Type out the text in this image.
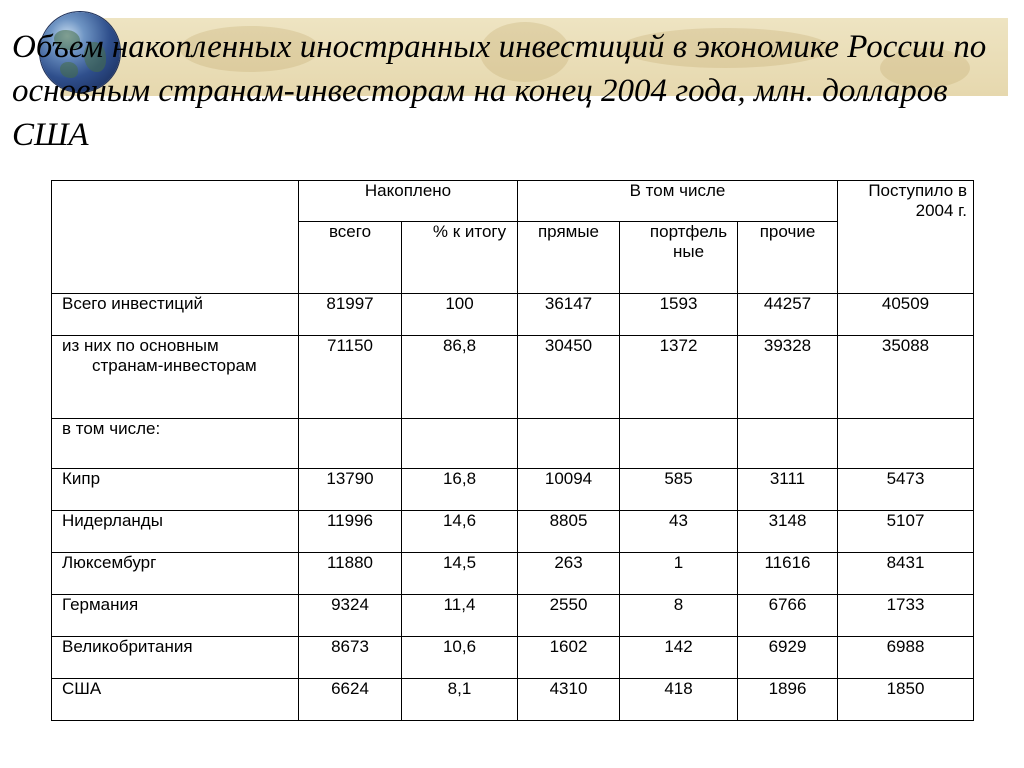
Объем накопленных иностранных инвестиций в экономике России по основным странам-инвесторам на конец 2004 года, млн. долларов США
	Накоплено		В том числе			Поступило в 2004 г.
	всего	% к итогу	прямые	портфель ные	прочие	
Всего инвестиций	81997	100	36147	1593	44257	40509

из них по основным странам-инвесторам	71150	86,8	30450	1372	39328	35088
в том числе:						
Кипр	13790	16,8	10094	585	3111	5473
Нидерланды	11996	14,6	8805	43	3148	5107
Люксембург	11880	14,5	263	1	11616	8431
Германия	9324	11,4	2550	8	6766	1733
Великобритания	8673	10,6	1602	142	6929	6988
США	6624	8,1	4310	418	1896	1850
